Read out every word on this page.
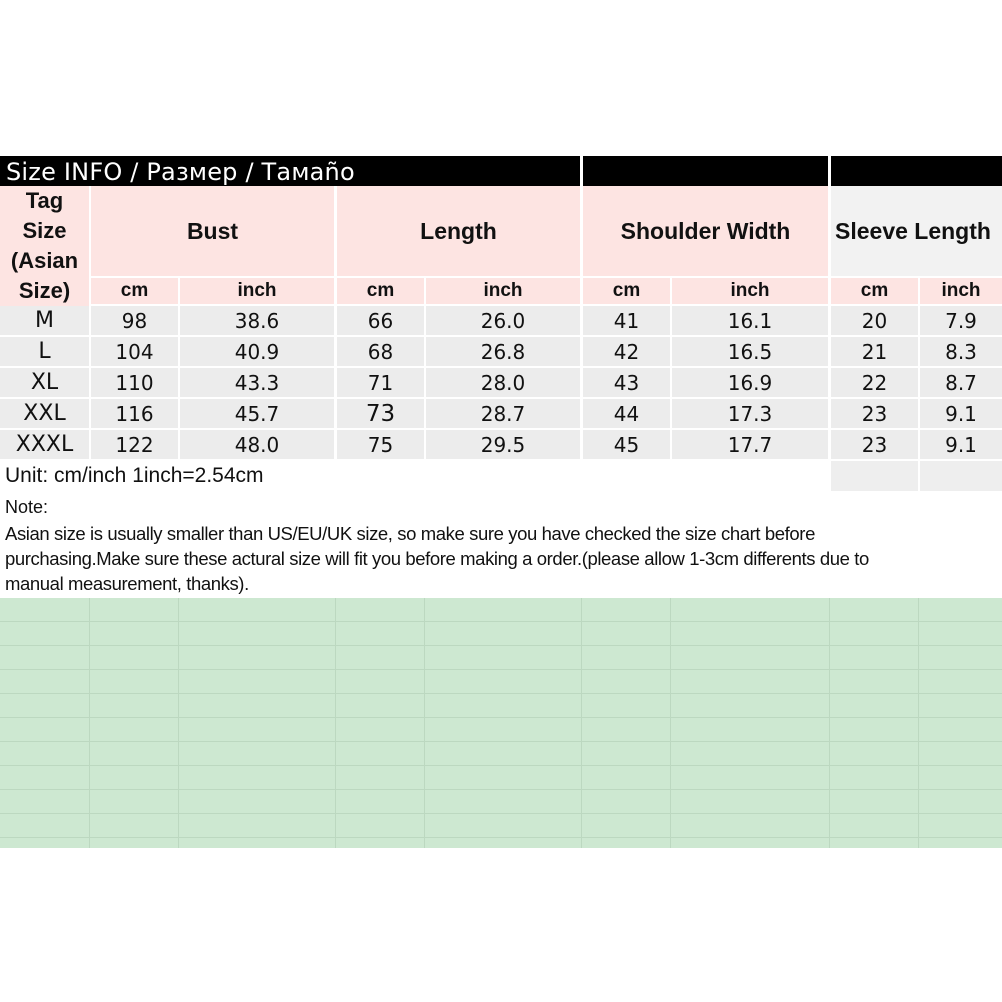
Size INFO / Размер / Тамаño
Tag
Size
(Asian
Size)
Bust	Length	Shoulder Width	Sleeve Length
cm	inch	cm	inch	cm	inch	cm	inch
M	98	38.6	66	26.0	41	16.1	20	7.9
L	104	40.9	68	26.8	42	16.5	21	8.3
XL	110	43.3	71	28.0	43	16.9	22	8.7
XXL	116	45.7	73	28.7	44	17.3	23	9.1
XXXL	122	48.0	75	29.5	45	17.7	23	9.1
Unit: cm/inch 1inch=2.54cm
Note:
Asian size is usually smaller than US/EU/UK size, so make sure you have checked the size chart before
purchasing.Make sure these actural size will fit you before making a order.(please allow 1-3cm differents due to
manual measurement, thanks).
